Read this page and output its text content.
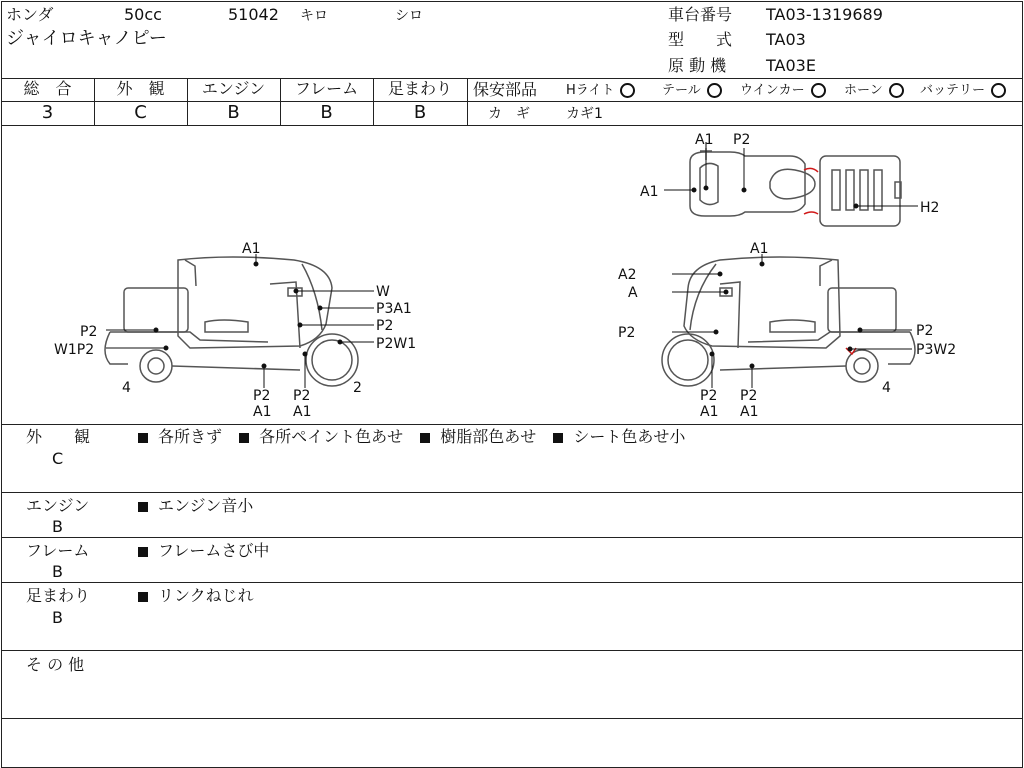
ホンダ	50cc	51042 キロ	シロ
ジャイロキャノピー
車台番号 TA03-1319689
型　　式 TA03
原 動 機 TA03E
総　合	外　観	エンジン	フレーム	足まわり
3	C	B	B	B
保安部品 Hライト	テール	ウインカー	ホーン	バッテリー
カ　ギ	カギ1
A1 P2
A1
H2
A1
W
P3A1
P2
P2W1
P2
W1P2
4	2
P2
A1
P2
A1
A1
A2
A
P2	P2
P3W2
4
P2
A1
P2
A1
外　　観
C
各所きず 各所ペイント色あせ 樹脂部色あせ シート色あせ小
エンジン
B
エンジン音小
フレーム
B
フレームさび中
足まわり
B
リンクねじれ
そ の 他
